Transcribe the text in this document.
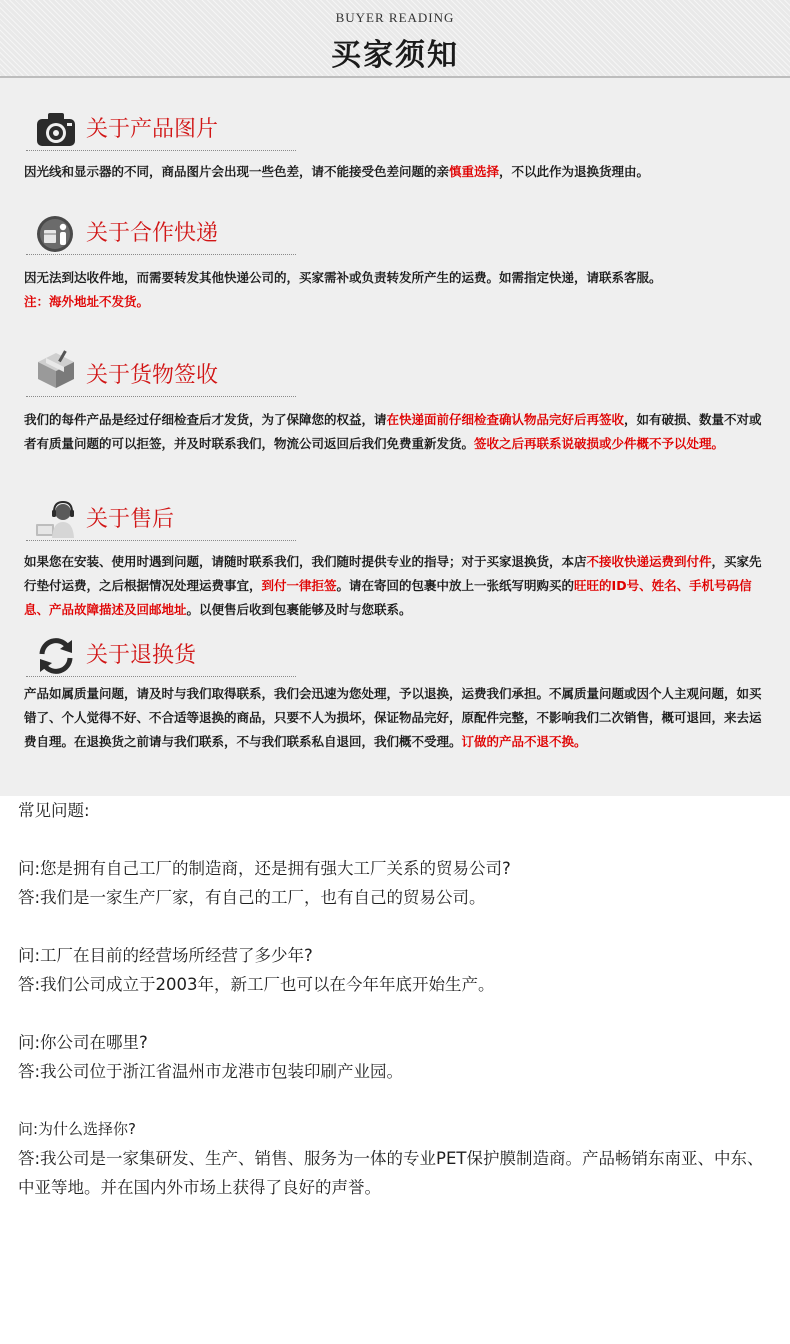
BUYER READING
买家须知
关于产品图片
因光线和显示器的不同，商品图片会出现一些色差，请不能接受色差问题的亲慎重选择，不以此作为退换货理由。
关于合作快递
因无法到达收件地，而需要转发其他快递公司的，买家需补或负责转发所产生的运费。如需指定快递，请联系客服。
注：海外地址不发货。
关于货物签收
我们的每件产品是经过仔细检查后才发货，为了保障您的权益，请在快递面前仔细检查确认物品完好后再签收，如有破损、数量不对或者有质量问题的可以拒签，并及时联系我们，物流公司返回后我们免费重新发货。签收之后再联系说破损或少件概不予以处理。
关于售后
如果您在安装、使用时遇到问题，请随时联系我们，我们随时提供专业的指导；对于买家退换货，本店不接收快递运费到付件，买家先行垫付运费，之后根据情况处理运费事宜，到付一律拒签。请在寄回的包裹中放上一张纸写明购买的旺旺的ID号、姓名、手机号码信息、产品故障描述及回邮地址。以便售后收到包裹能够及时与您联系。
关于退换货
产品如属质量问题，请及时与我们取得联系，我们会迅速为您处理，予以退换，运费我们承担。不属质量问题或因个人主观问题，如买错了、个人觉得不好、不合适等退换的商品，只要不人为损坏，保证物品完好，原配件完整，不影响我们二次销售，概可退回，来去运费自理。在退换货之前请与我们联系，不与我们联系私自退回，我们概不受理。订做的产品不退不换。

常见问题:

问:您是拥有自己工厂的制造商，还是拥有强大工厂关系的贸易公司?

答:我们是一家生产厂家，有自己的工厂，也有自己的贸易公司。

问:工厂在目前的经营场所经营了多少年?

答:我们公司成立于2003年，新工厂也可以在今年年底开始生产。

问:你公司在哪里?

答:我公司位于浙江省温州市龙港市包装印刷产业园。

问:为什么选择你?

答:我公司是一家集研发、生产、销售、服务为一体的专业PET保护膜制造商。产品畅销东南亚、中东、中亚等地。并在国内外市场上获得了良好的声誉。
